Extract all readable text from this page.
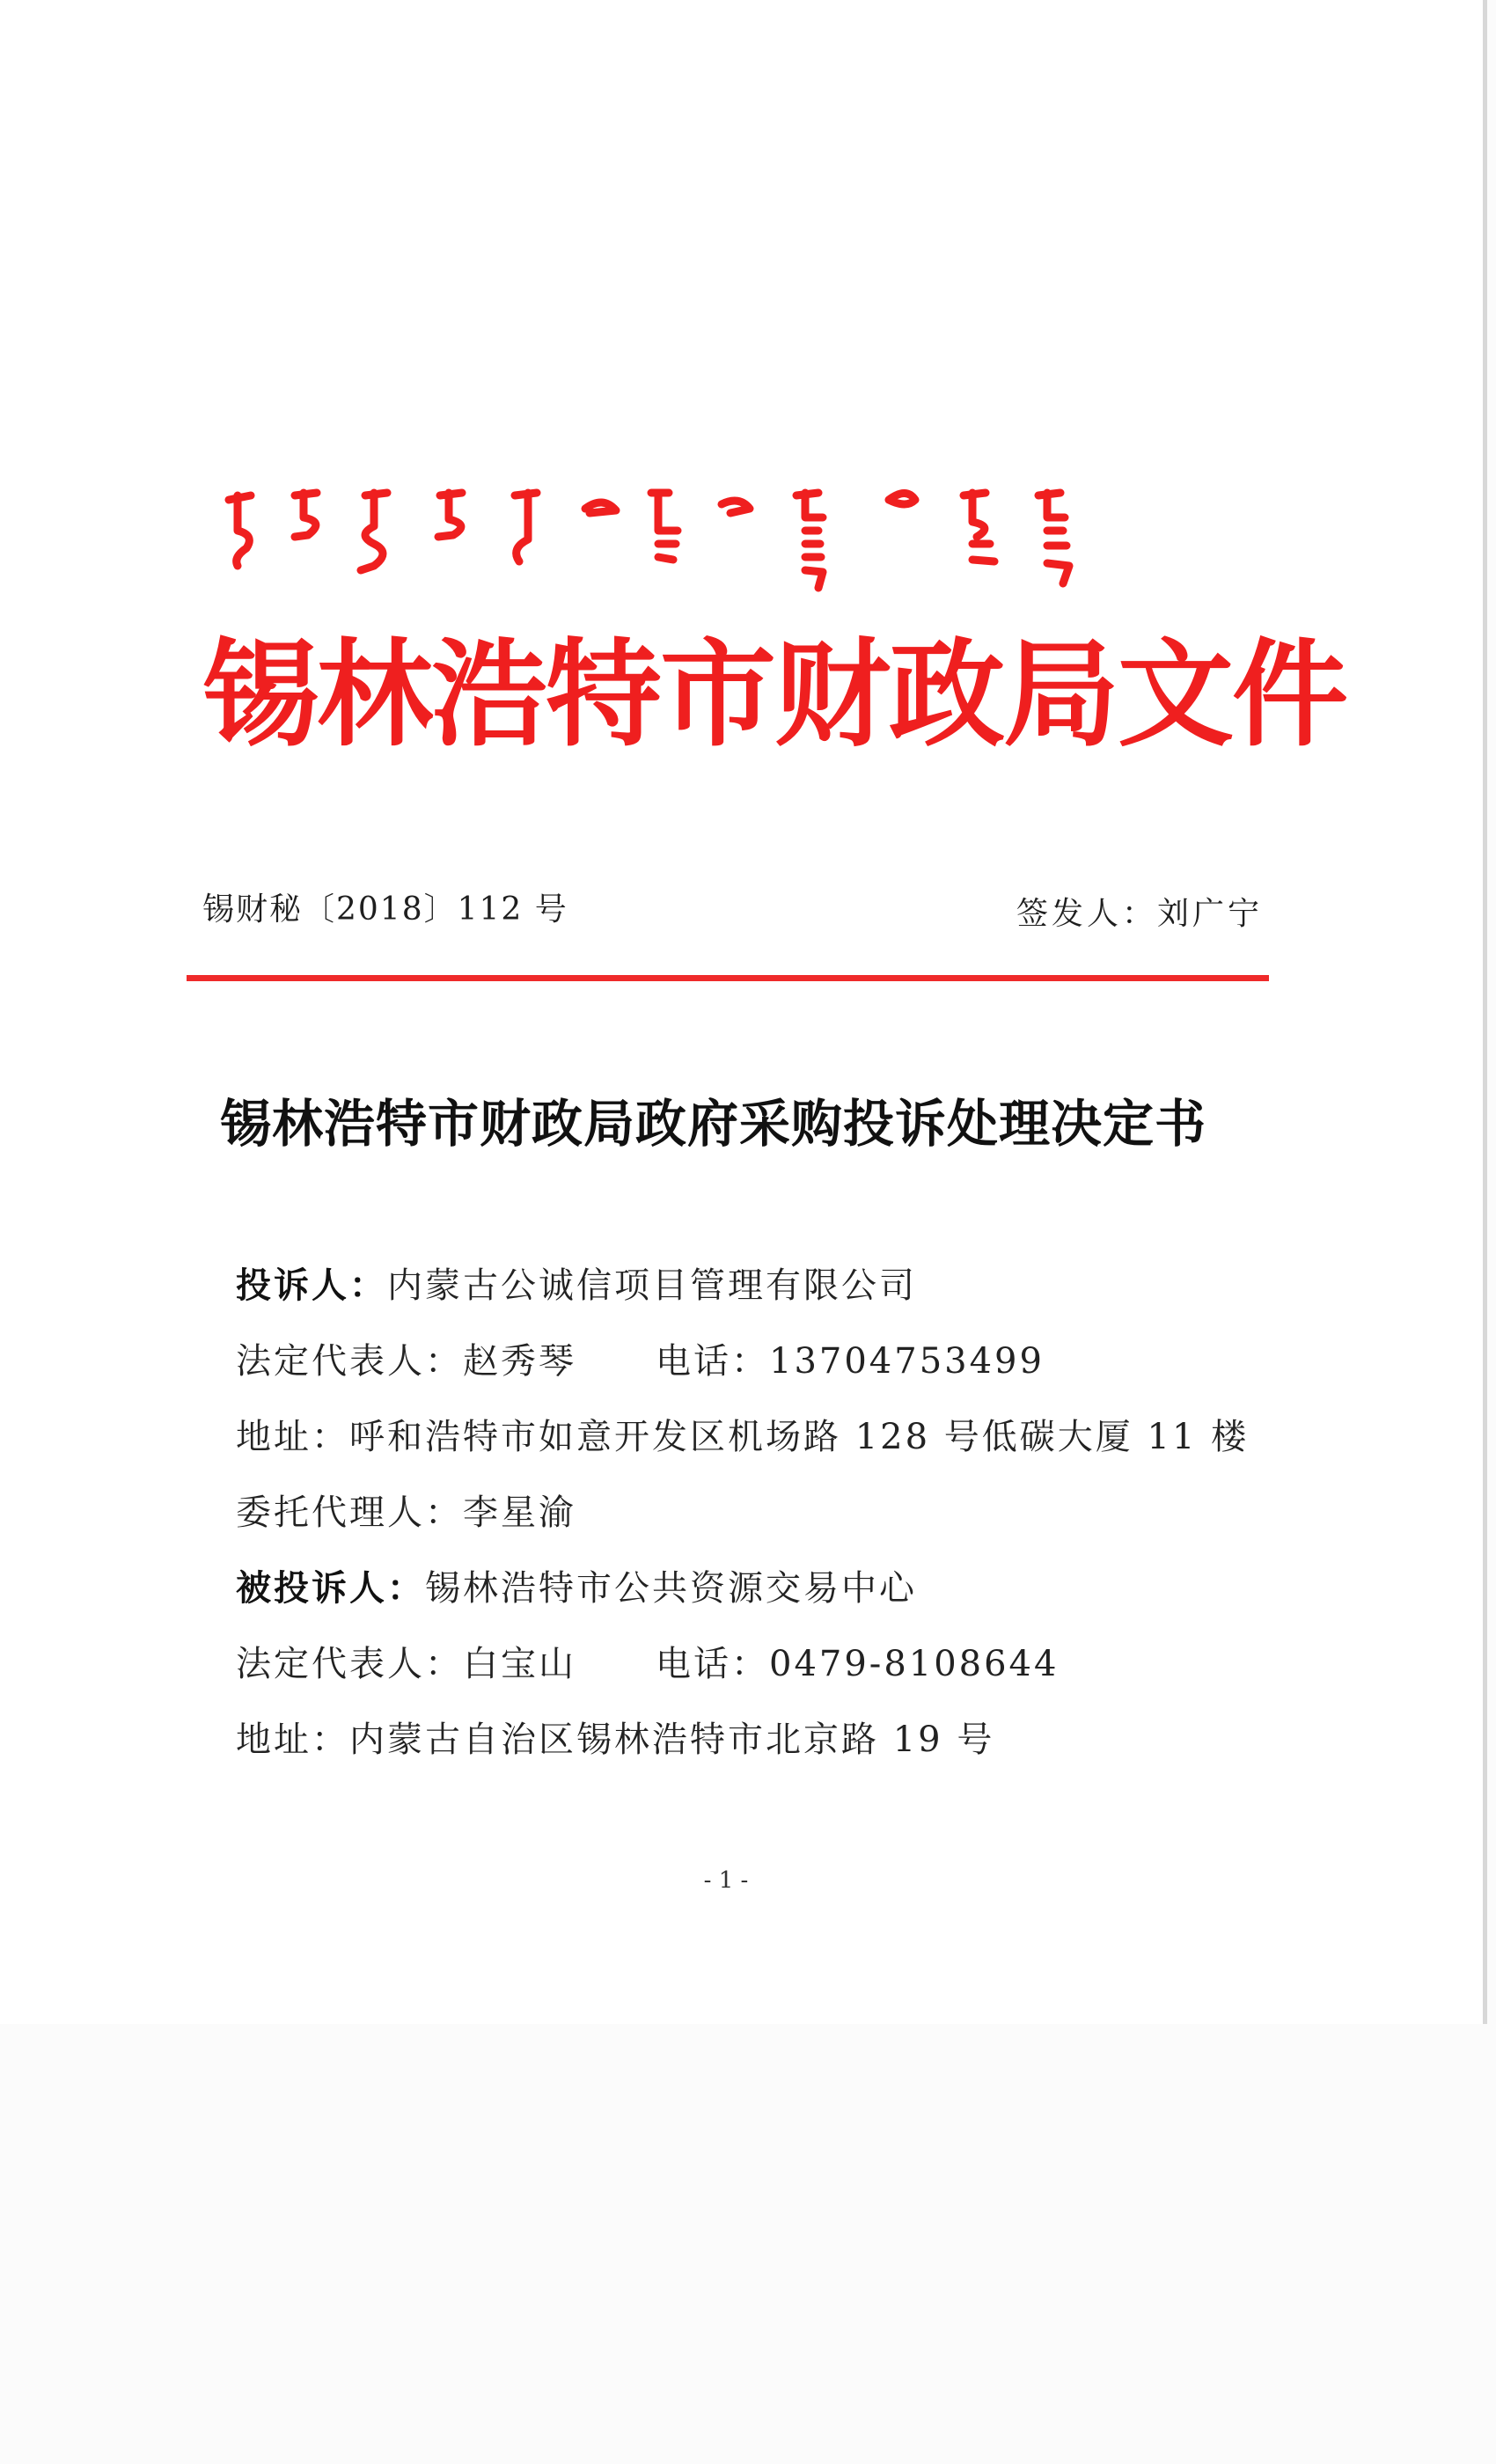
锡林浩特市财政局文件
锡财秘〔2018〕112 号	签发人：刘广宁
锡林浩特市财政局政府采购投诉处理决定书
投诉人：内蒙古公诚信项目管理有限公司
法定代表人：赵秀琴 电话：13704753499
地址：呼和浩特市如意开发区机场路 128 号低碳大厦 11 楼
委托代理人：李星渝
被投诉人：锡林浩特市公共资源交易中心
法定代表人：白宝山 电话：0479-8108644
地址：内蒙古自治区锡林浩特市北京路 19 号
- 1 -
